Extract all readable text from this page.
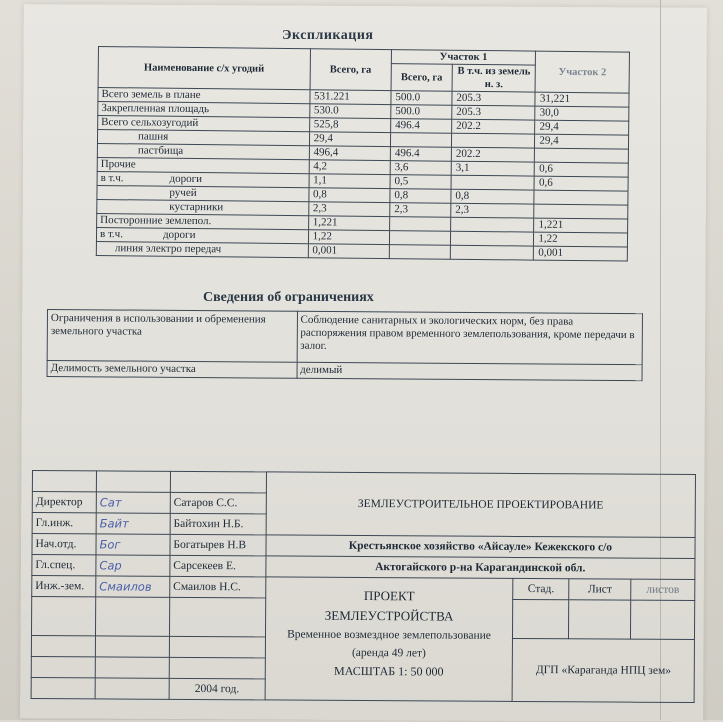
Экспликация
Наименование с/х угодий	Всего, га	Участок 1		Участок 2
		Всего, га	В т.ч. из земель н. з.	
Всего земель в плане	531.221	500.0	205.3	31,221
Закрепленная площадь	530.0	500.0	205.3	30,0
Всего сельхозугодий	525,8	496.4	202.2	29,4
пашня	29,4			29,4
пастбища	496,4	496.4	202.2	
Прочие	4,2	3,6	3,1	0,6
в т.ч. дороги	1,1	0,5		0,6
ручей	0,8	0,8	0,8	
кустарники	2,3	2,3	2,3	
Посторонние землепол.	1,221			1,221
в т.ч. дороги	1,22			1,22
линия электро передач	0,001			0,001
Сведения об ограничениях
Ограничения в использовании и обременения земельного участка	Соблюдение санитарных и экологических норм, без права распоряжения правом временного землепользования, кроме передачи в залог.
Делимость земельного участка	делимый
			ЗЕМЛЕУСТРОИТЕЛЬНОЕ ПРОЕКТИРОВАНИЕ			
Директор	Сат	Сатаров С.С.				
Гл.инж.	Байт	Байтохин Н.Б.				
Нач.отд.	Бог	Богатырев Н.В	Крестьянское хозяйство «Айсауле» Кежекского с/о			
Гл.спец.	Сар	Сарсекеев Е.	Актогайского р-на Карагандинской обл.			
Инж.-зем.	Смаилов	Смаилов Н.С.	ПРОЕКТ
ЗЕМЛЕУСТРОЙСТВА
Временное возмездное землепользование
(аренда 49 лет)
МАСШТАБ 1: 50 000	Стад.	Лист	листов

				ДГП «Караганда НПЦ зем»		

		2004 год.				
